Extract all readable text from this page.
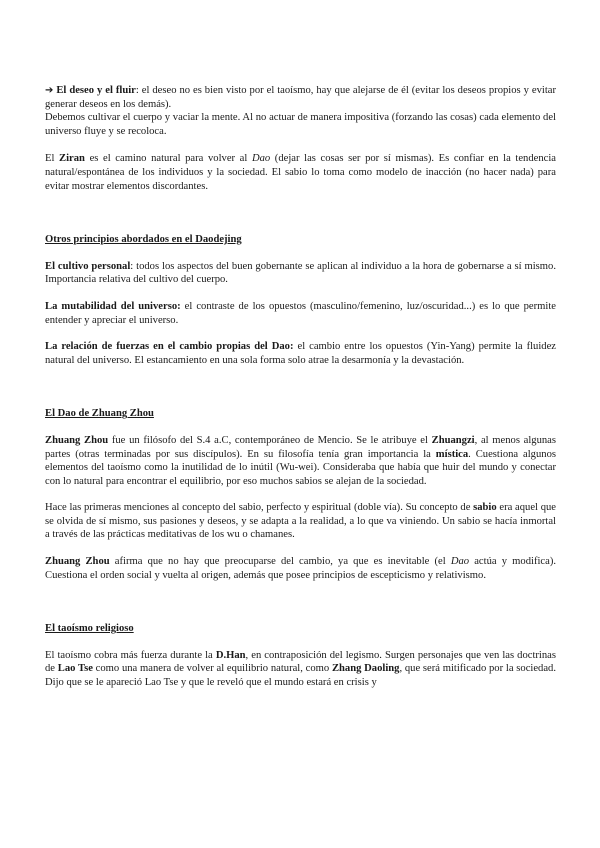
➔ El deseo y el fluir: el deseo no es bien visto por el taoísmo, hay que alejarse de él (evitar los deseos propios y evitar generar deseos en los demás).

Debemos cultivar el cuerpo y vaciar la mente. Al no actuar de manera impositiva (forzando las cosas) cada elemento del universo fluye y se recoloca.

El Ziran es el camino natural para volver al Dao (dejar las cosas ser por sí mismas). Es confiar en la tendencia natural/espontánea de los individuos y la sociedad. El sabio lo toma como modelo de inacción (no hacer nada) para evitar mostrar elementos discordantes.

Otros principios abordados en el Daodejing

El cultivo personal: todos los aspectos del buen gobernante se aplican al individuo a la hora de gobernarse a sí mismo. Importancia relativa del cultivo del cuerpo.

La mutabilidad del universo: el contraste de los opuestos (masculino/femenino, luz/oscuridad...) es lo que permite entender y apreciar el universo.

La relación de fuerzas en el cambio propias del Dao: el cambio entre los opuestos (Yin-Yang) permite la fluidez natural del universo. El estancamiento en una sola forma solo atrae la desarmonía y la devastación.

El Dao de Zhuang Zhou

Zhuang Zhou fue un filósofo del S.4 a.C, contemporáneo de Mencio. Se le atribuye el Zhuangzi, al menos algunas partes (otras terminadas por sus discípulos). En su filosofía tenía gran importancia la mística. Cuestiona algunos elementos del taoísmo como la inutilidad de lo inútil (Wu-wei). Consideraba que había que huir del mundo y conectar con lo natural para encontrar el equilibrio, por eso muchos sabios se alejan de la sociedad.

Hace las primeras menciones al concepto del sabio, perfecto y espiritual (doble vía). Su concepto de sabio era aquel que se olvida de sí mismo, sus pasiones y deseos, y se adapta a la realidad, a lo que va viniendo. Un sabio se hacía inmortal a través de las prácticas meditativas de los wu o chamanes.

Zhuang Zhou afirma que no hay que preocuparse del cambio, ya que es inevitable (el Dao actúa y modifica). Cuestiona el orden social y vuelta al origen, además que posee principios de escepticismo y relativismo.

El taoísmo religioso

El taoísmo cobra más fuerza durante la D.Han, en contraposición del legismo. Surgen personajes que ven las doctrinas de Lao Tse como una manera de volver al equilibrio natural, como Zhang Daoling, que será mitificado por la sociedad. Dijo que se le apareció Lao Tse y que le reveló que el mundo estará en crisis y
